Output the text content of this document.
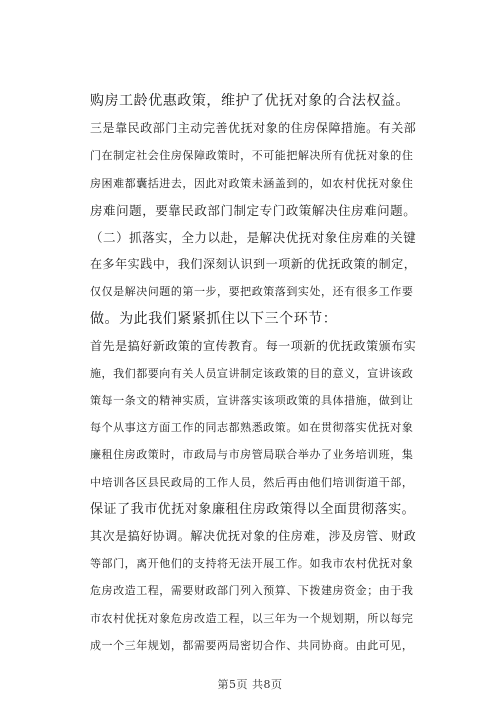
购房工龄优惠政策，维护了优抚对象的合法权益。
三是靠民政部门主动完善优抚对象的住房保障措施。有关部
门在制定社会住房保障政策时，不可能把解决所有优抚对象的住
房困难都囊括进去，因此对政策未涵盖到的，如农村优抚对象住
房难问题，要靠民政部门制定专门政策解决住房难问题。
（二）抓落实，全力以赴，是解决优抚对象住房难的关键
在多年实践中，我们深刻认识到一项新的优抚政策的制定，
仅仅是解决问题的第一步，要把政策落到实处，还有很多工作要
做。为此我们紧紧抓住以下三个环节：
首先是搞好新政策的宣传教育。每一项新的优抚政策颁布实
施，我们都要向有关人员宣讲制定该政策的目的意义，宣讲该政
策每一条文的精神实质，宣讲落实该项政策的具体措施，做到让
每个从事这方面工作的同志都熟悉政策。如在贯彻落实优抚对象
廉租住房政策时，市政局与市房管局联合举办了业务培训班，集
中培训各区县民政局的工作人员，然后再由他们培训街道干部，
保证了我市优抚对象廉租住房政策得以全面贯彻落实。
其次是搞好协调。解决优抚对象的住房难，涉及房管、财政
等部门，离开他们的支持将无法开展工作。如我市农村优抚对象
危房改造工程，需要财政部门列入预算、下拨建房资金；由于我
市农村优抚对象危房改造工程，以三年为一个规划期，所以每完
成一个三年规划，都需要两局密切合作、共同协商。由此可见，
第5页 共8页
